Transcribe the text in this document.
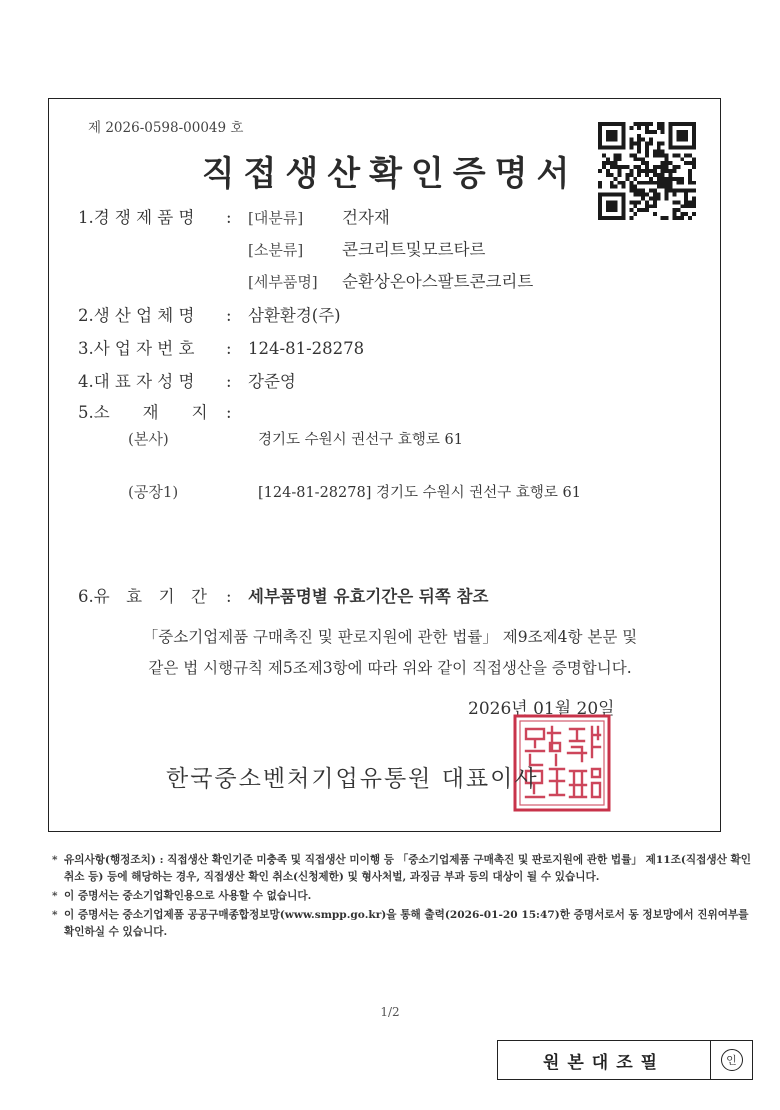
제 2026-0598-00049 호
직접생산확인증명서
1.경 쟁 제 품 명 : [대분류] 건자재
[소분류] 콘크리트및모르타르
[세부품명] 순환상온아스팔트콘크리트
2.생 산 업 체 명 : 삼환환경(주)
3.사 업 자 번 호 : 124-81-28278
4.대 표 자 성 명 : 강준영
5.소　　재　　지 :
(본사)	경기도 수원시 권선구 효행로 61
(공장1)	[124-81-28278] 경기도 수원시 권선구 효행로 61
6.유　효　기　간 : 세부품명별 유효기간은 뒤쪽 참조
「중소기업제품 구매촉진 및 판로지원에 관한 법률」 제9조제4항 본문 및
같은 법 시행규칙 제5조제3항에 따라 위와 같이 직접생산을 증명합니다.
2026년 01월 20일
한국중소벤처기업유통원 대표이사
* 유의사항(행정조치) : 직접생산 확인기준 미충족 및 직접생산 미이행 등 「중소기업제품 구매촉진 및 판로지원에 관한 법률」 제11조(직접생산 확인 취소 등) 등에 해당하는 경우, 직접생산 확인 취소(신청제한) 및 형사처벌, 과징금 부과 등의 대상이 될 수 있습니다.
* 이 증명서는 중소기업확인용으로 사용할 수 없습니다.
* 이 증명서는 중소기업제품 공공구매종합정보망(www.smpp.go.kr)을 통해 출력(2026-01-20 15:47)한 증명서로서 동 정보망에서 진위여부를 확인하실 수 있습니다.
1/2
원본대조필	인
